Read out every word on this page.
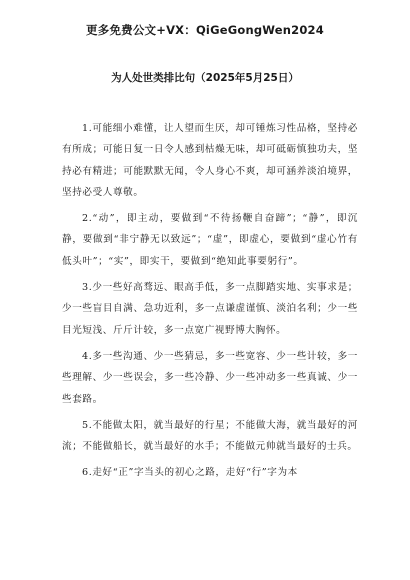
更多免费公文+VX：QiGeGongWen2024
为人处世类排比句（2025年5月25日）

1.可能细小难懂，让人望而生厌，却可锤炼习性品格，坚持必有所成；可能日复一日令人感到枯燥无味，却可砥砺慎独功夫，坚持必有精进；可能默默无闻，令人身心不爽，却可涵养淡泊境界，坚持必受人尊敬。

2.“动”，即主动，要做到“不待扬鞭自奋蹄”；“静”，即沉静，要做到“非宁静无以致远”；“虚”，即虚心，要做到“虚心竹有低头叶”；“实”，即实干，要做到“绝知此事要躬行”。

3.少一些好高骛远、眼高手低，多一点脚踏实地、实事求是；少一些盲目自满、急功近利，多一点谦虚谨慎、淡泊名利；少一些目光短浅、斤斤计较，多一点宽广视野博大胸怀。

4.多一些沟通、少一些猜忌，多一些宽容、少一些计较，多一些理解、少一些误会，多一些冷静、少一些冲动多一些真诚、少一些套路。

5.不能做太阳，就当最好的行星；不能做大海，就当最好的河流；不能做船长，就当最好的水手；不能做元帅就当最好的士兵。

6.走好“正”字当头的初心之路，走好“行”字为本
